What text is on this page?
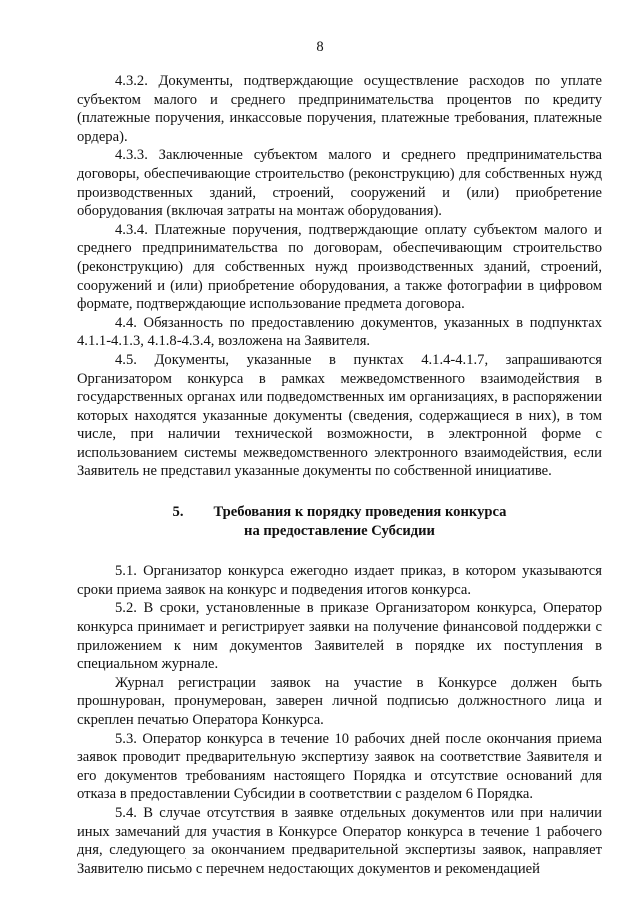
8

4.3.2. Документы, подтверждающие осуществление расходов по уплате субъектом малого и среднего предпринимательства процентов по кредиту (платежные поручения, инкассовые поручения, платежные требования, платежные ордера).

4.3.3. Заключенные субъектом малого и среднего предпринимательства договоры, обеспечивающие строительство (реконструкцию) для собственных нужд производственных зданий, строений, сооружений и (или) приобретение оборудования (включая затраты на монтаж оборудования).

4.3.4. Платежные поручения, подтверждающие оплату субъектом малого и среднего предпринимательства по договорам, обеспечивающим строительство (реконструкцию) для собственных нужд производственных зданий, строений, сооружений и (или) приобретение оборудования, а также фотографии в цифровом формате, подтверждающие использование предмета договора.

4.4. Обязанность по предоставлению документов, указанных в подпунктах 4.1.1-4.1.3, 4.1.8-4.3.4, возложена на Заявителя.

4.5. Документы, указанные в пунктах 4.1.4-4.1.7, запрашиваются Организатором конкурса в рамках межведомственного взаимодействия в государственных органах или подведомственных им организациях, в распоряжении которых находятся указанные документы (сведения, содержащиеся в них), в том числе, при наличии технической возможности, в электронной форме с использованием системы межведомственного электронного взаимодействия, если Заявитель не представил указанные документы по собственной инициативе.

5. Требования к порядку проведения конкурса
на предоставление Субсидии

5.1. Организатор конкурса ежегодно издает приказ, в котором указываются сроки приема заявок на конкурс и подведения итогов конкурса.

5.2. В сроки, установленные в приказе Организатором конкурса, Оператор конкурса принимает и регистрирует заявки на получение финансовой поддержки с приложением к ним документов Заявителей в порядке их поступления в специальном журнале.

Журнал регистрации заявок на участие в Конкурсе должен быть прошнурован, пронумерован, заверен личной подписью должностного лица и скреплен печатью Оператора Конкурса.

5.3. Оператор конкурса в течение 10 рабочих дней после окончания приема заявок проводит предварительную экспертизу заявок на соответствие Заявителя и его документов требованиям настоящего Порядка и отсутствие оснований для отказа в предоставлении Субсидии в соответствии с разделом 6 Порядка.

5.4. В случае отсутствия в заявке отдельных документов или при наличии иных замечаний для участия в Конкурсе Оператор конкурса в течение 1 рабочего дня, следующего за окончанием предварительной экспертизы заявок, направляет Заявителю письмо с перечнем недостающих документов и рекомендацией
